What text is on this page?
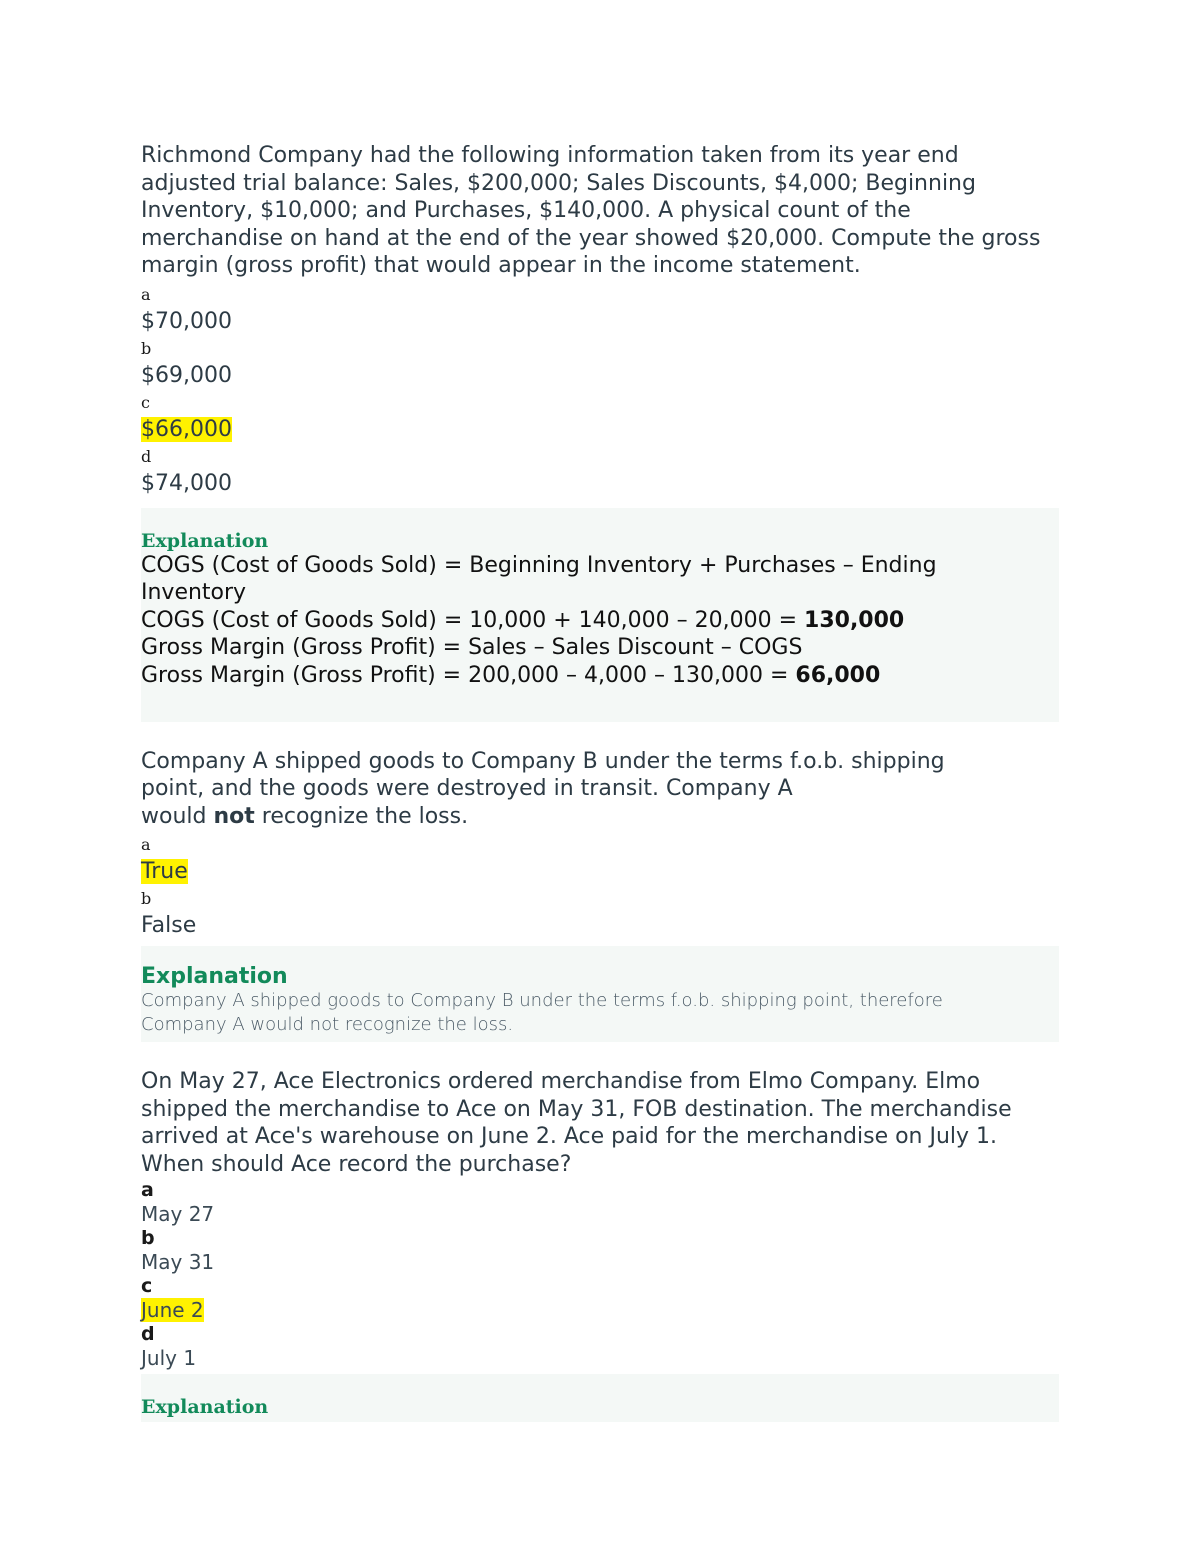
Richmond Company had the following information taken from its year end adjusted trial balance: Sales, $200,000; Sales Discounts, $4,000; Beginning Inventory, $10,000; and Purchases, $140,000. A physical count of the merchandise on hand at the end of the year showed $20,000. Compute the gross margin (gross profit) that would appear in the income statement.

a
$70,000
b
$69,000
c
$66,000
d
$74,000
Explanation
COGS (Cost of Goods Sold) = Beginning Inventory + Purchases – Ending Inventory
COGS (Cost of Goods Sold) = 10,000 + 140,000 – 20,000 = 130,000
Gross Margin (Gross Profit) = Sales – Sales Discount – COGS
Gross Margin (Gross Profit) = 200,000 – 4,000 – 130,000 = 66,000

Company A shipped goods to Company B under the terms f.o.b. shipping point, and the goods were destroyed in transit. Company A
would not recognize the loss.

a
True
b
False
Explanation
Company A shipped goods to Company B under the terms f.o.b. shipping point, therefore Company A would not recognize the loss.

On May 27, Ace Electronics ordered merchandise from Elmo Company. Elmo shipped the merchandise to Ace on May 31, FOB destination. The merchandise arrived at Ace's warehouse on June 2. Ace paid for the merchandise on July 1. When should Ace record the purchase?

a
May 27
b
May 31
c
June 2
d
July 1
Explanation
